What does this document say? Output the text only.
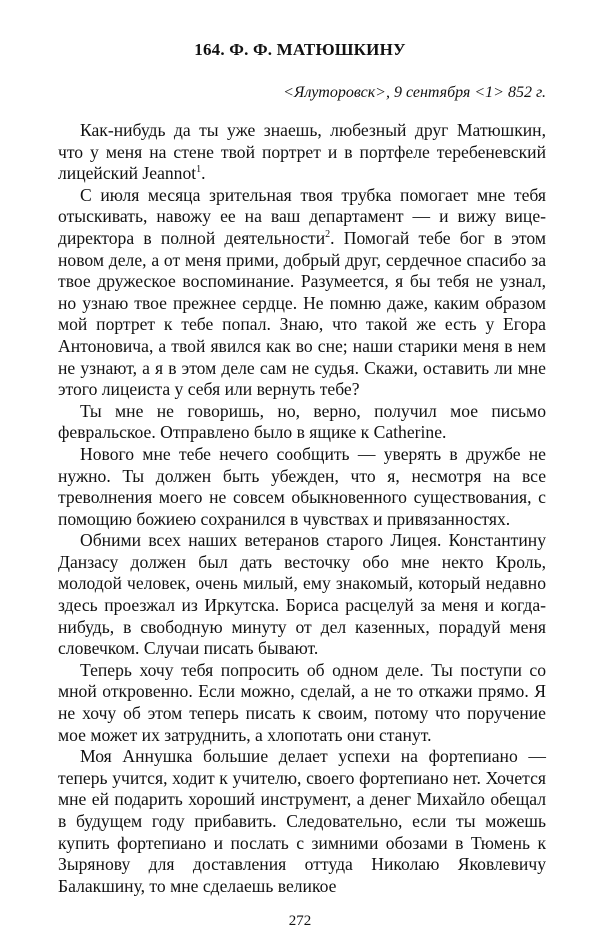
164. Ф. Ф. МАТЮШКИНУ
<Ялуторовск>, 9 сентября <1> 852 г.

Как-нибудь да ты уже знаешь, любезный друг Матюшкин, что у меня на стене твой портрет и в портфеле теребеневский лицейский Jeannot$^1$.

С июля месяца зрительная твоя трубка помогает мне тебя отыскивать, навожу ее на ваш департамент — и вижу вице-директора в полной деятельности$^2$. Помогай тебе бог в этом новом деле, а от меня прими, добрый друг, сердечное спасибо за твое дружеское воспоминание. Разумеется, я бы тебя не узнал, но узнаю твое прежнее сердце. Не помню даже, каким образом мой портрет к тебе попал. Знаю, что такой же есть у Егора Антоновича, а твой явился как во сне; наши старики меня в нем не узнают, а я в этом деле сам не судья. Скажи, оставить ли мне этого лицеиста у себя или вернуть тебе?

Ты мне не говоришь, но, верно, получил мое письмо февральское. Отправлено было в ящике к Catherine.

Нового мне тебе нечего сообщить — уверять в дружбе не нужно. Ты должен быть убежден, что я, несмотря на все треволнения моего не совсем обыкновенного существования, с помощию божиею сохранился в чувствах и привязанностях.

Обними всех наших ветеранов старого Лицея. Константину Данзасу должен был дать весточку обо мне некто Кроль, молодой человек, очень милый, ему знакомый, который недавно здесь проезжал из Иркутска. Бориса расцелуй за меня и когда-нибудь, в свободную минуту от дел казенных, порадуй меня словечком. Случаи писать бывают.

Теперь хочу тебя попросить об одном деле. Ты поступи со мной откровенно. Если можно, сделай, а не то откажи прямо. Я не хочу об этом теперь писать к своим, потому что поручение мое может их затруднить, а хлопотать они станут.

Моя Аннушка большие делает успехи на фортепиано — теперь учится, ходит к учителю, своего фортепиано нет. Хочется мне ей подарить хороший инструмент, а денег Михайло обещал в будущем году прибавить. Следовательно, если ты можешь купить фортепиано и послать с зимними обозами в Тюмень к Зырянову для доставления оттуда Николаю Яковлевичу Балакшину, то мне сделаешь великое

272
